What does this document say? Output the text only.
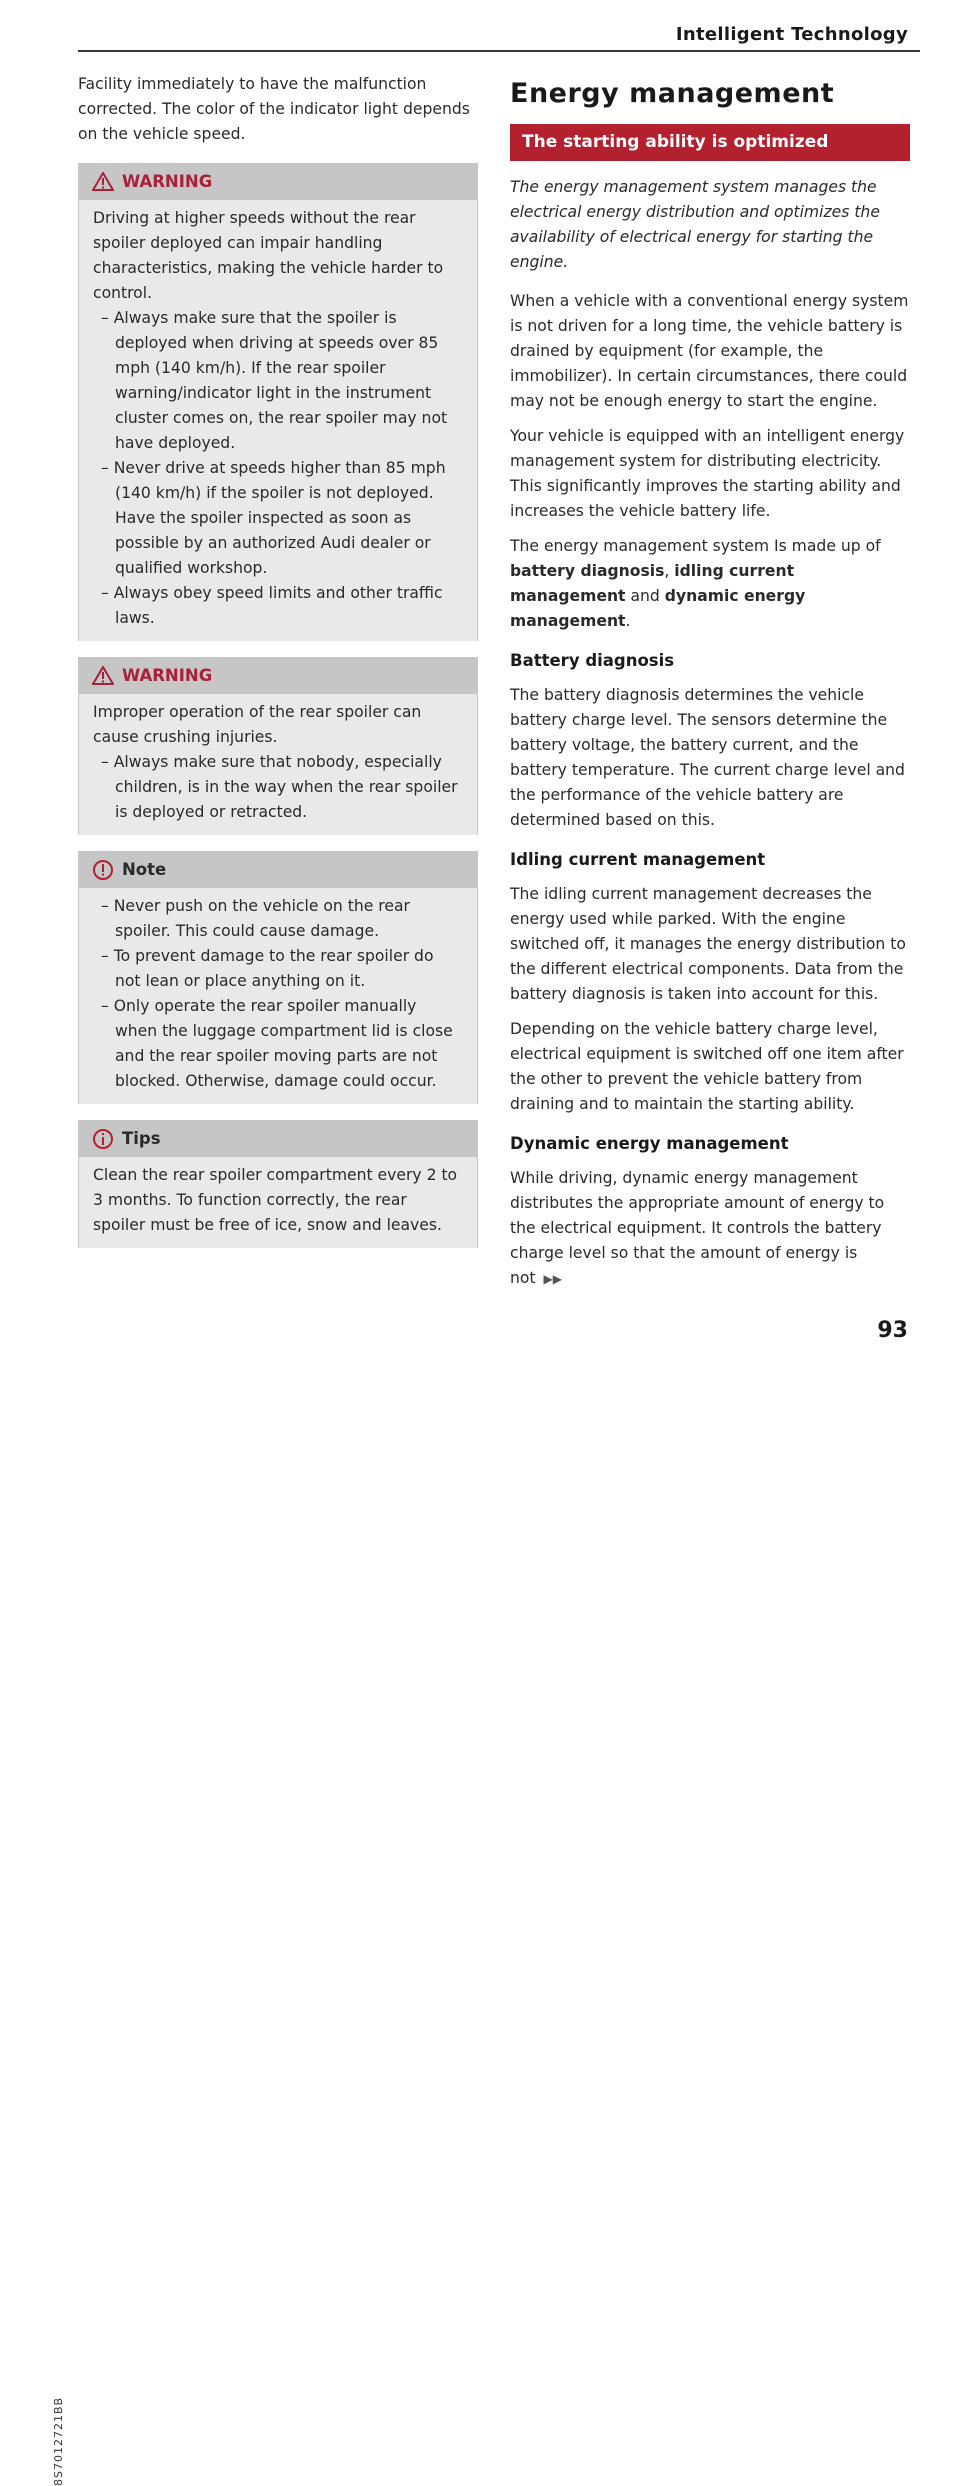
Intelligent Technology

Facility immediately to have the malfunction corrected. The color of the indicator light depends on the vehicle speed.

WARNING

Driving at higher speeds without the rear spoiler deployed can impair handling characteristics, making the vehicle harder to control.

– Always make sure that the spoiler is deployed when driving at speeds over 85 mph (140 km/h). If the rear spoiler warning/indicator light in the instrument cluster comes on, the rear spoiler may not have deployed.
– Never drive at speeds higher than 85 mph (140 km/h) if the spoiler is not deployed. Have the spoiler inspected as soon as possible by an authorized Audi dealer or qualified workshop.
– Always obey speed limits and other traffic laws.
WARNING

Improper operation of the rear spoiler can cause crushing injuries.

– Always make sure that nobody, especially children, is in the way when the rear spoiler is deployed or retracted.
Note
– Never push on the vehicle on the rear spoiler. This could cause damage.
– To prevent damage to the rear spoiler do not lean or place anything on it.
– Only operate the rear spoiler manually when the luggage compartment lid is close and the rear spoiler moving parts are not blocked. Otherwise, damage could occur.
Tips

Clean the rear spoiler compartment every 2 to 3 months. To function correctly, the rear spoiler must be free of ice, snow and leaves.

Energy management
The starting ability is optimized

The energy management system manages the electrical energy distribution and optimizes the availability of electrical energy for starting the engine.

When a vehicle with a conventional energy system is not driven for a long time, the vehicle battery is drained by equipment (for example, the immobilizer). In certain circumstances, there could may not be enough energy to start the engine.

Your vehicle is equipped with an intelligent energy management system for distributing electricity. This significantly improves the starting ability and increases the vehicle battery life.

The energy management system Is made up of battery diagnosis, idling current management and dynamic energy management.

Battery diagnosis

The battery diagnosis determines the vehicle battery charge level. The sensors determine the battery voltage, the battery current, and the battery temperature. The current charge level and the performance of the vehicle battery are determined based on this.

Idling current management

The idling current management decreases the energy used while parked. With the engine switched off, it manages the energy distribution to the different electrical components. Data from the battery diagnosis is taken into account for this.

Depending on the vehicle battery charge level, electrical equipment is switched off one item after the other to prevent the vehicle battery from draining and to maintain the starting ability.

Dynamic energy management

While driving, dynamic energy management distributes the appropriate amount of energy to the electrical equipment. It controls the battery charge level so that the amount of energy is not ▶▶

8S7012721BB
93
